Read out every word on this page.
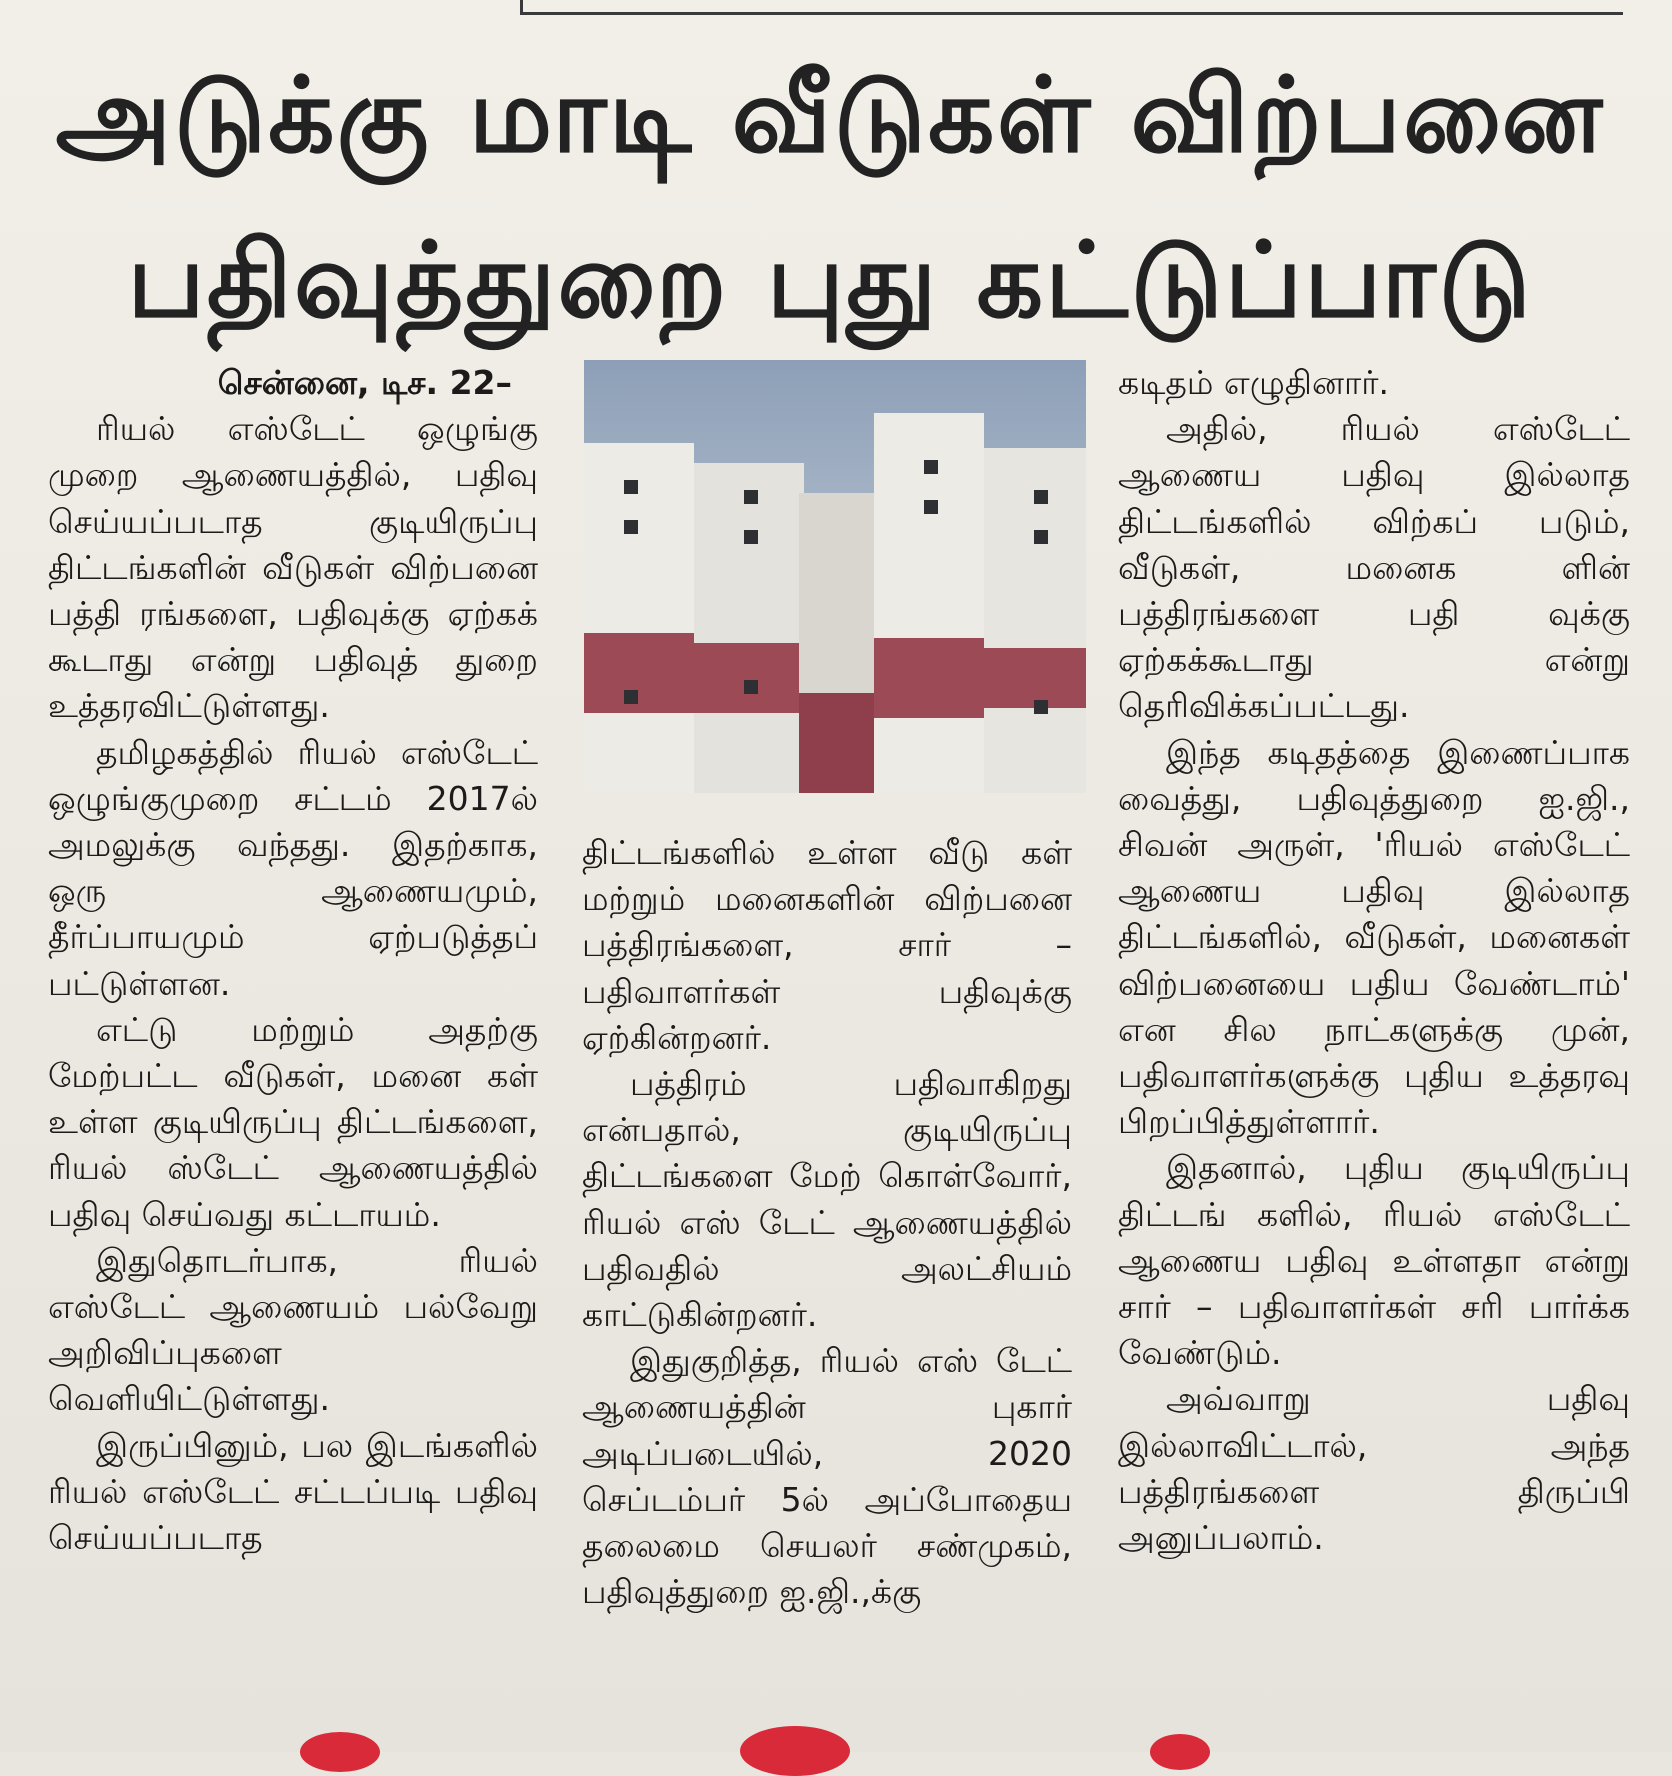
அடுக்கு மாடி வீடுகள் விற்பனை
பதிவுத்துறை புது கட்டுப்பாடு

சென்னை, டிச. 22–

ரியல் எஸ்டேட் ஒழுங்கு முறை ஆணையத்தில், பதிவு செய்யப்படாத குடியிருப்பு திட்டங்களின் வீடுகள் விற்பனை பத்தி ரங்களை, பதிவுக்கு ஏற்கக் கூடாது என்று பதிவுத் துறை உத்தரவிட்டுள்ளது.

தமிழகத்தில் ரியல் எஸ்டேட் ஒழுங்குமுறை சட்டம் 2017ல் அமலுக்கு வந்தது. இதற்காக, ஒரு ஆணையமும், தீர்ப்பாயமும் ஏற்படுத்தப் பட்டுள்ளன.

எட்டு மற்றும் அதற்கு மேற்பட்ட வீடுகள், மனை கள் உள்ள குடியிருப்பு திட்டங்களை, ரியல் ஸ்டேட் ஆணையத்தில் பதிவு செய்வது கட்டாயம்.

இதுதொடர்பாக, ரியல் எஸ்டேட் ஆணையம் பல்வேறு அறிவிப்புகளை வெளியிட்டுள்ளது.

இருப்பினும், பல இடங்களில் ரியல் எஸ்டேட் சட்டப்படி பதிவு செய்யப்படாத

திட்டங்களில் உள்ள வீடு கள் மற்றும் மனைகளின் விற்பனை பத்திரங்களை, சார் – பதிவாளர்கள் பதிவுக்கு ஏற்கின்றனர்.

பத்திரம் பதிவாகிறது என்பதால், குடியிருப்பு திட்டங்களை மேற் கொள்வோர், ரியல் எஸ் டேட் ஆணையத்தில் பதிவதில் அலட்சியம் காட்டுகின்றனர்.

இதுகுறித்த, ரியல் எஸ் டேட் ஆணையத்தின் புகார் அடிப்படையில், 2020 செப்டம்பர் 5ல் அப்போதைய தலைமை செயலர் சண்முகம், பதிவுத்துறை ஐ.ஜி.,க்கு

கடிதம் எழுதினார்.

அதில், ரியல் எஸ்டேட் ஆணைய பதிவு இல்லாத திட்டங்களில் விற்கப் படும், வீடுகள், மனைக ளின் பத்திரங்களை பதி வுக்கு ஏற்கக்கூடாது என்று தெரிவிக்கப்பட்டது.

இந்த கடிதத்தை இணைப்பாக வைத்து, பதிவுத்துறை ஐ.ஜி., சிவன் அருள், 'ரியல் எஸ்டேட் ஆணைய பதிவு இல்லாத திட்டங்களில், வீடுகள், மனைகள் விற்பனையை பதிய வேண்டாம்' என சில நாட்களுக்கு முன், பதிவாளர்களுக்கு புதிய உத்தரவு பிறப்பித்துள்ளார்.

இதனால், புதிய குடியிருப்பு திட்டங் களில், ரியல் எஸ்டேட் ஆணைய பதிவு உள்ளதா என்று சார் – பதிவாளர்கள் சரி பார்க்க வேண்டும்.

அவ்வாறு பதிவு இல்லாவிட்டால், அந்த பத்திரங்களை திருப்பி அனுப்பலாம்.
